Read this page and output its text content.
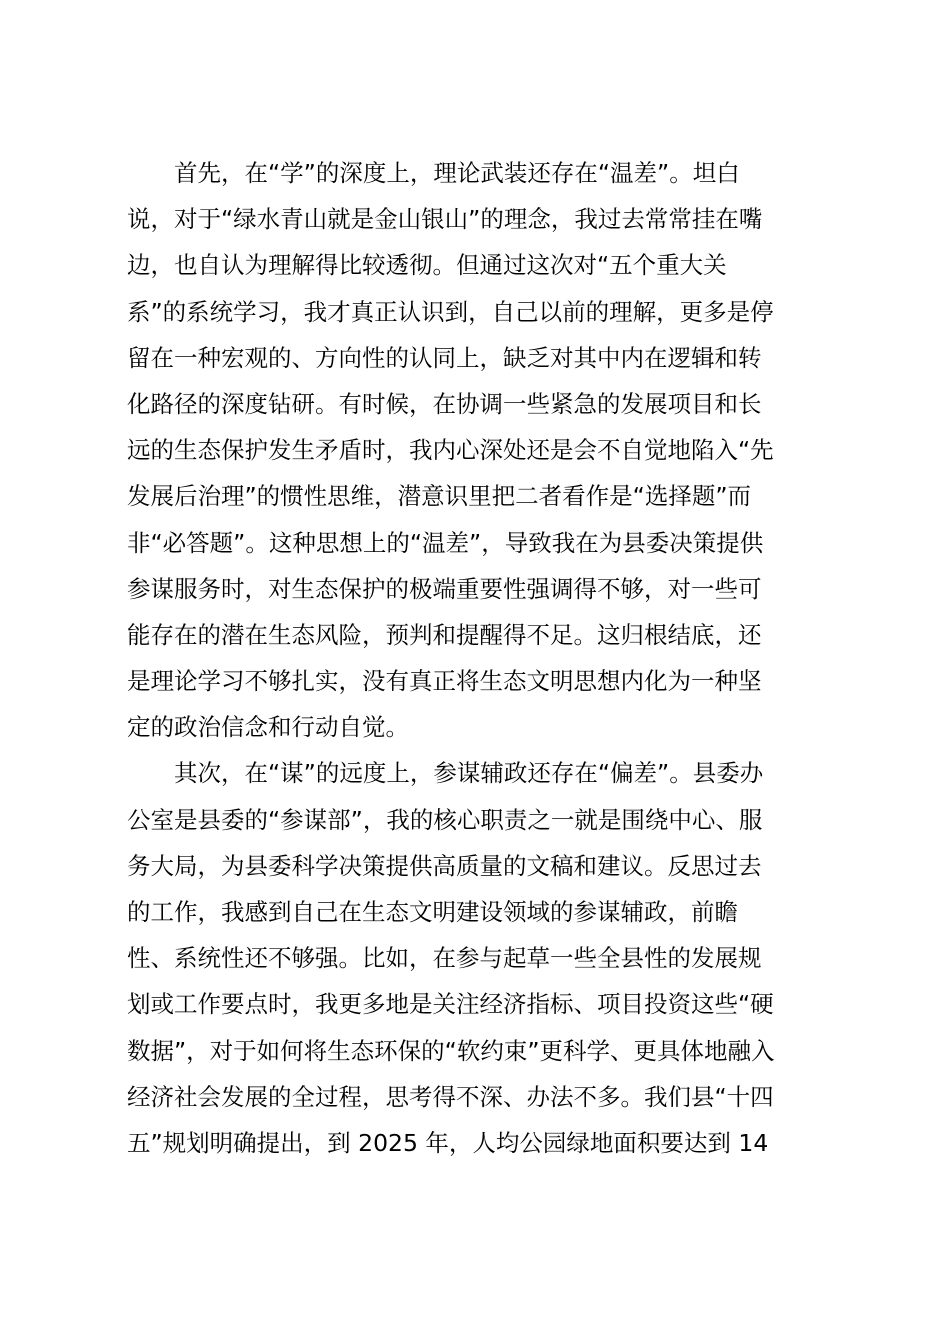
　　首先，在“学”的深度上，理论武装还存在“温差”。坦白
说，对于“绿水青山就是金山银山”的理念，我过去常常挂在嘴
边，也自认为理解得比较透彻。但通过这次对“五个重大关
系”的系统学习，我才真正认识到，自己以前的理解，更多是停
留在一种宏观的、方向性的认同上，缺乏对其中内在逻辑和转
化路径的深度钻研。有时候，在协调一些紧急的发展项目和长
远的生态保护发生矛盾时，我内心深处还是会不自觉地陷入“先
发展后治理”的惯性思维，潜意识里把二者看作是“选择题”而
非“必答题”。这种思想上的“温差”，导致我在为县委决策提供
参谋服务时，对生态保护的极端重要性强调得不够，对一些可
能存在的潜在生态风险，预判和提醒得不足。这归根结底，还
是理论学习不够扎实，没有真正将生态文明思想内化为一种坚
定的政治信念和行动自觉。
　　其次，在“谋”的远度上，参谋辅政还存在“偏差”。县委办
公室是县委的“参谋部”，我的核心职责之一就是围绕中心、服
务大局，为县委科学决策提供高质量的文稿和建议。反思过去
的工作，我感到自己在生态文明建设领域的参谋辅政，前瞻
性、系统性还不够强。比如，在参与起草一些全县性的发展规
划或工作要点时，我更多地是关注经济指标、项目投资这些“硬
数据”，对于如何将生态环保的“软约束”更科学、更具体地融入
经济社会发展的全过程，思考得不深、办法不多。我们县“十四
五”规划明确提出，到 2025 年，人均公园绿地面积要达到 14
